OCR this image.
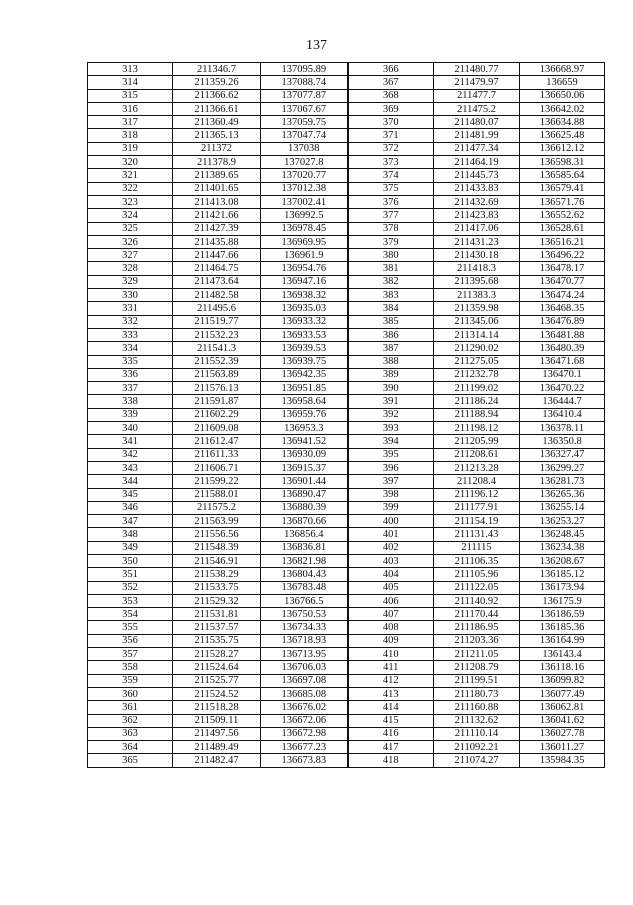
137
313	211346.7	137095.89	366	211480.77	136668.97
314	211359.26	137088.74	367	211479.97	136659
315	211366.62	137077.87	368	211477.7	136650.06
316	211366.61	137067.67	369	211475.2	136642.02
317	211360.49	137059.75	370	211480.07	136634.88
318	211365.13	137047.74	371	211481.99	136625.48
319	211372	137038	372	211477.34	136612.12
320	211378.9	137027.8	373	211464.19	136598.31
321	211389.65	137020.77	374	211445.73	136585.64
322	211401.65	137012.38	375	211433.83	136579.41
323	211413.08	137002.41	376	211432.69	136571.76
324	211421.66	136992.5	377	211423.83	136552.62
325	211427.39	136978.45	378	211417.06	136528.61
326	211435.88	136969.95	379	211431.23	136516.21
327	211447.66	136961.9	380	211430.18	136496.22
328	211464.75	136954.76	381	211418.3	136478.17
329	211473.64	136947.16	382	211395.68	136470.77
330	211482.58	136938.32	383	211383.3	136474.24
331	211495.6	136935.03	384	211359.98	136468.35
332	211519.77	136933.32	385	211345.06	136476.89
333	211532.23	136933.53	386	211314.14	136481.88
334	211541.3	136939.53	387	211290.02	136480.39
335	211552.39	136939.75	388	211275.05	136471.68
336	211563.89	136942.35	389	211232.78	136470.1
337	211576.13	136951.85	390	211199.02	136470.22
338	211591.87	136958.64	391	211186.24	136444.7
339	211602.29	136959.76	392	211188.94	136410.4
340	211609.08	136953.3	393	211198.12	136378.11
341	211612.47	136941.52	394	211205.99	136350.8
342	211611.33	136930.09	395	211208.61	136327.47
343	211606.71	136915.37	396	211213.28	136299.27
344	211599.22	136901.44	397	211208.4	136281.73
345	211588.01	136890.47	398	211196.12	136265.36
346	211575.2	136880.39	399	211177.91	136255.14
347	211563.99	136870.66	400	211154.19	136253.27
348	211556.56	136856.4	401	211131.43	136248.45
349	211548.39	136836.81	402	211115	136234.38
350	211546.91	136821.98	403	211106.35	136208.67
351	211538.29	136804.43	404	211105.96	136185.12
352	211533.75	136783.48	405	211122.05	136173.94
353	211529.32	136766.5	406	211140.92	136175.9
354	211531.81	136750.53	407	211170.44	136186.59
355	211537.57	136734.33	408	211186.95	136185.36
356	211535.75	136718.93	409	211203.36	136164.99
357	211528.27	136713.95	410	211211.05	136143.4
358	211524.64	136706.03	411	211208.79	136118.16
359	211525.77	136697.08	412	211199.51	136099.82
360	211524.52	136685.08	413	211180.73	136077.49
361	211518.28	136676.02	414	211160.88	136062.81
362	211509.11	136672.06	415	211132.62	136041.62
363	211497.56	136672.98	416	211110.14	136027.78
364	211489.49	136677.23	417	211092.21	136011.27
365	211482.47	136673.83	418	211074.27	135984.35
